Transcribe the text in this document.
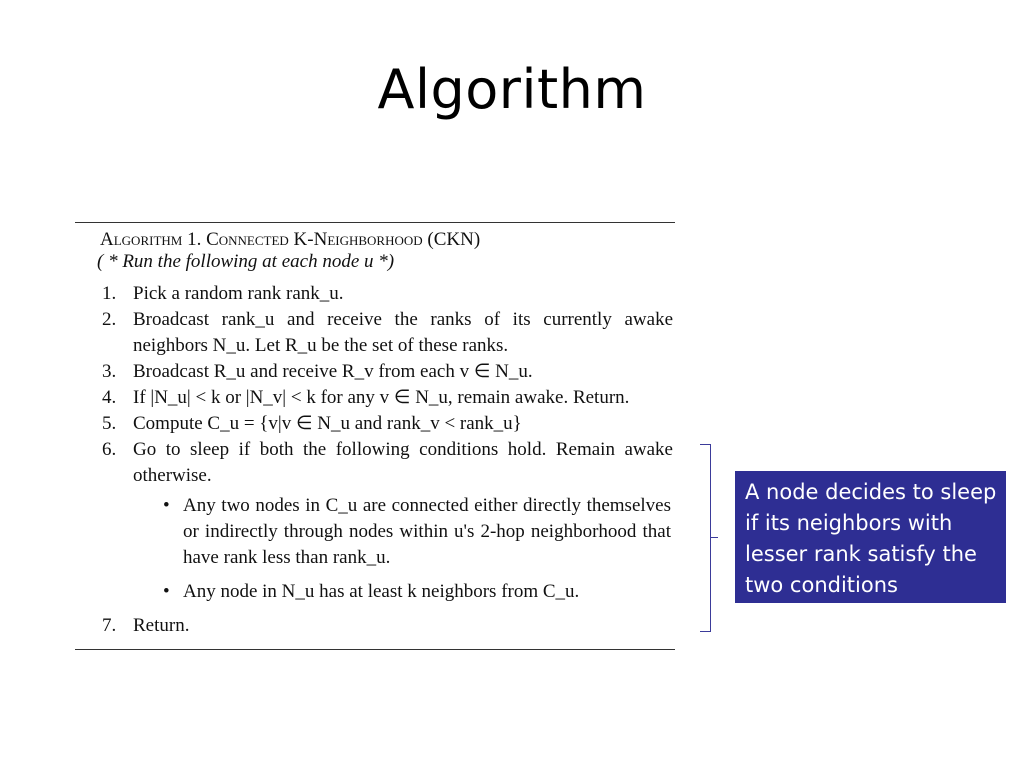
Algorithm
Algorithm 1. Connected K-Neighborhood (CKN)
( * Run the following at each node u *)
1 . Pick a random rank rank_u.
2 . Broadcast rank_u and receive the ranks of its currently awake neighbors N_u. Let R_u be the set of these ranks.
3 . Broadcast R_u and receive R_v from each v ∈ N_u.
4 . If |N_u| < k or |N_v| < k for any v ∈ N_u, remain awake. Return.
5 . Compute C_u = {v|v ∈ N_u and rank_v < rank_u}
6 . Go to sleep if both the following conditions hold. Remain awake otherwise.
• Any two nodes in C_u are connected either directly themselves or indirectly through nodes within u's 2-hop neighborhood that have rank less than rank_u.
• Any node in N_u has at least k neighbors from C_u.
7 . Return.
A node decides to sleep if its neighbors with lesser rank satisfy the two conditions
